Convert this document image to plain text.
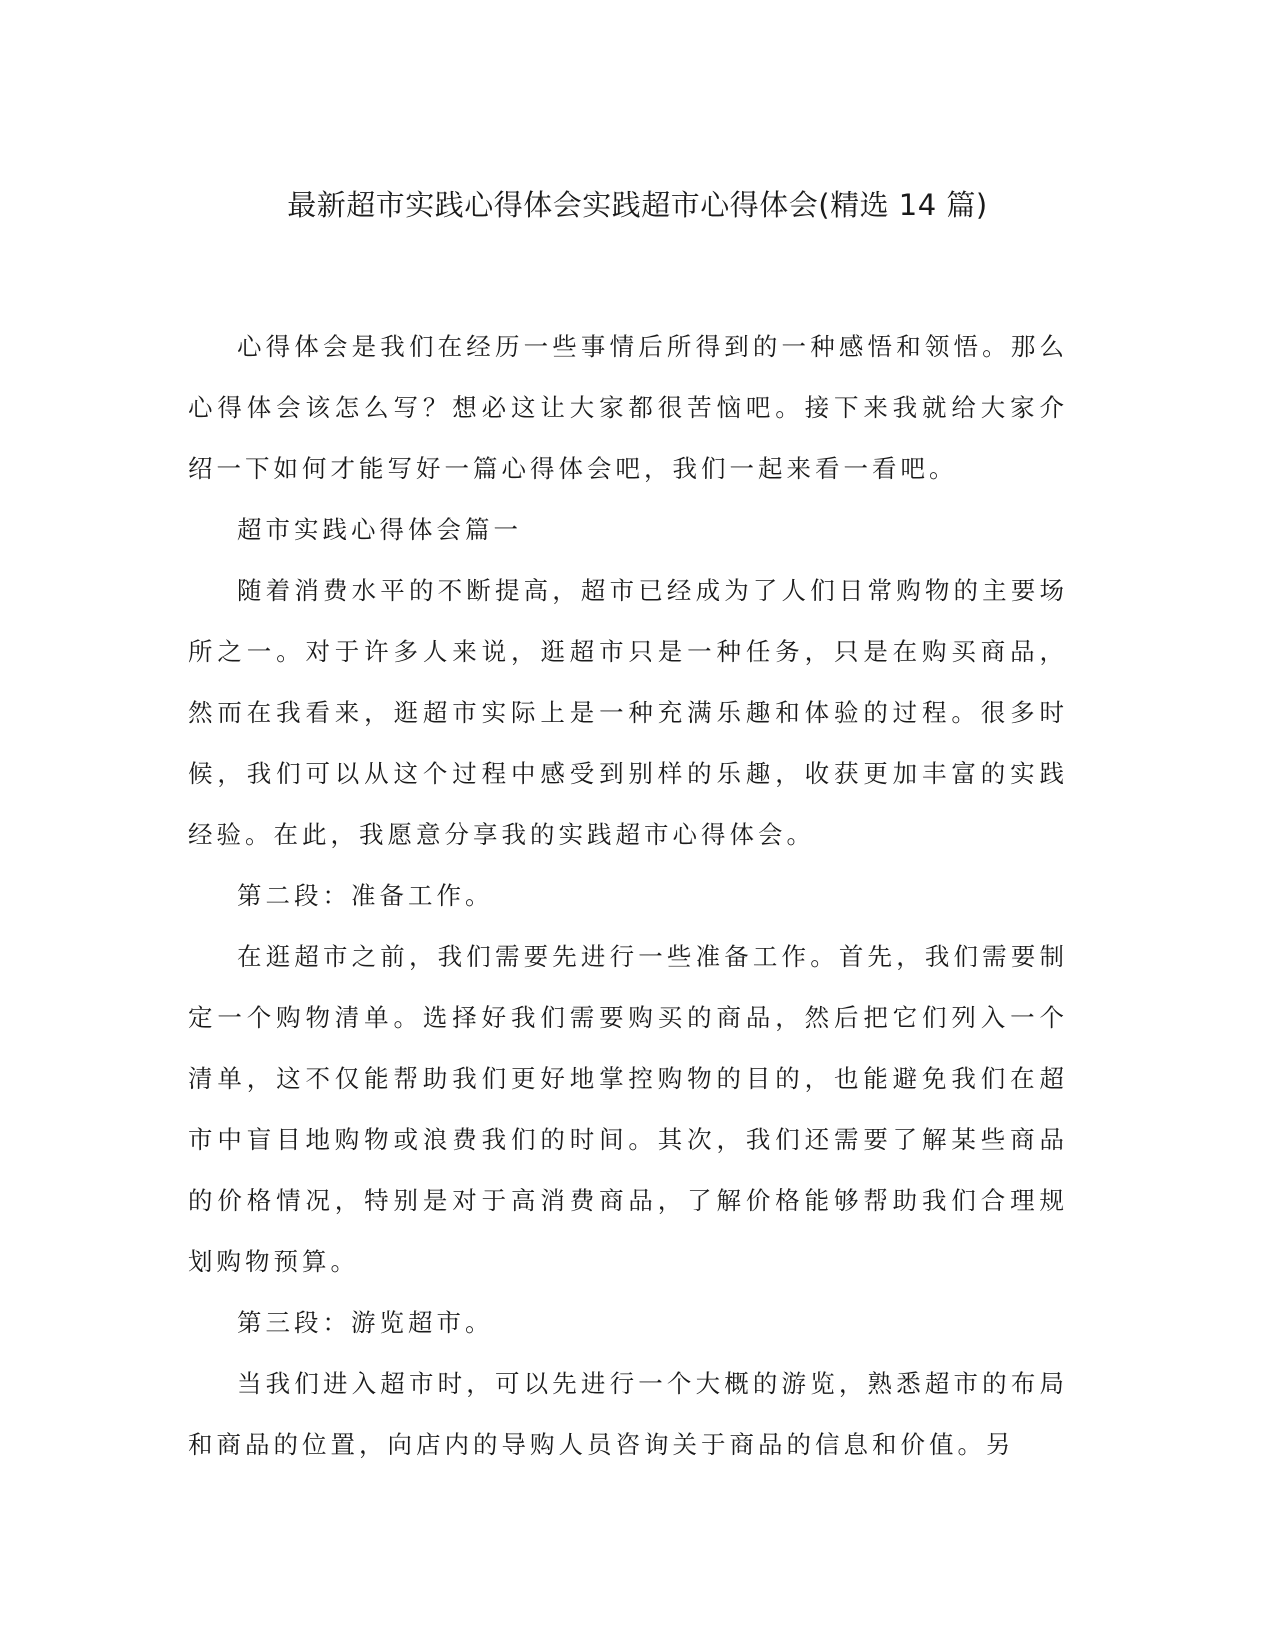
最新超市实践心得体会实践超市心得体会(精选 14 篇)

心得体会是我们在经历一些事情后所得到的一种感悟和领悟。那么心得体会该怎么写？想必这让大家都很苦恼吧。接下来我就给大家介绍一下如何才能写好一篇心得体会吧，我们一起来看一看吧。

超市实践心得体会篇一

随着消费水平的不断提高，超市已经成为了人们日常购物的主要场所之一。对于许多人来说，逛超市只是一种任务，只是在购买商品，然而在我看来，逛超市实际上是一种充满乐趣和体验的过程。很多时候，我们可以从这个过程中感受到别样的乐趣，收获更加丰富的实践经验。在此，我愿意分享我的实践超市心得体会。

第二段：准备工作。

在逛超市之前，我们需要先进行一些准备工作。首先，我们需要制定一个购物清单。选择好我们需要购买的商品，然后把它们列入一个清单，这不仅能帮助我们更好地掌控购物的目的，也能避免我们在超市中盲目地购物或浪费我们的时间。其次，我们还需要了解某些商品的价格情况，特别是对于高消费商品，了解价格能够帮助我们合理规划购物预算。

第三段：游览超市。

当我们进入超市时，可以先进行一个大概的游览，熟悉超市的布局和商品的位置，向店内的导购人员咨询关于商品的信息和价值。另
